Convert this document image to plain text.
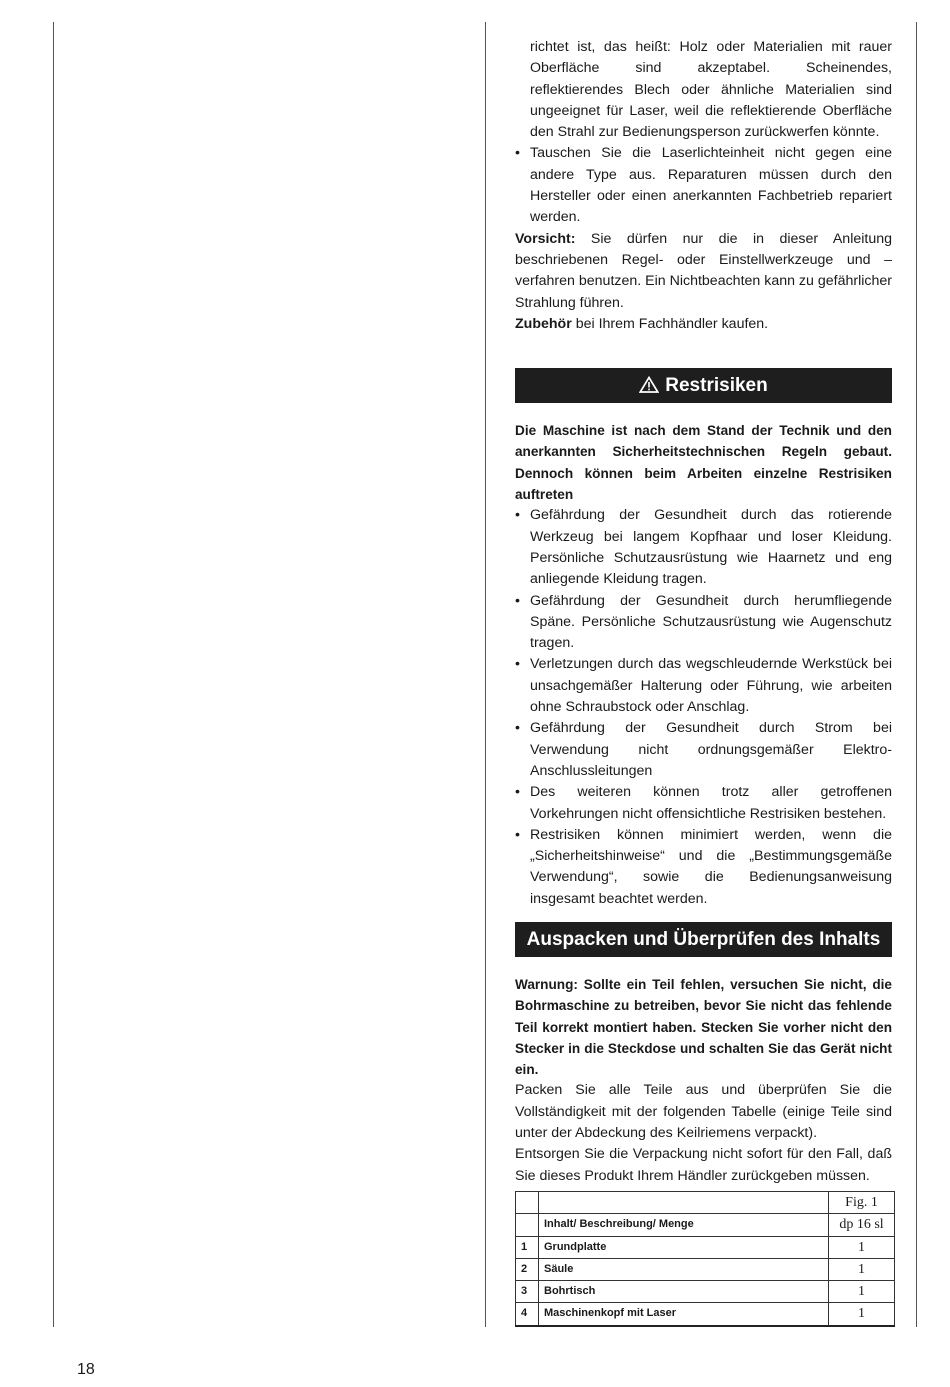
richtet ist, das heißt: Holz oder Materialien mit rauer Oberfläche sind akzeptabel. Scheinendes, reflektierendes Blech oder ähnliche Materialien sind ungeeignet für Laser, weil die reflektierende Oberfläche den Strahl zur Bedienungsperson zurückwerfen könnte.

• Tauschen Sie die Laserlichteinheit nicht gegen eine andere Type aus. Reparaturen müssen durch den Hersteller oder einen anerkannten Fachbetrieb repariert werden.

Vorsicht: Sie dürfen nur die in dieser Anleitung beschriebenen Regel- oder Einstellwerkzeuge und –verfahren benutzen. Ein Nichtbeachten kann zu gefährlicher Strahlung führen.

Zubehör bei Ihrem Fachhändler kaufen.

Restrisiken

Die Maschine ist nach dem Stand der Technik und den anerkannten Sicherheitstechnischen Regeln gebaut. Dennoch können beim Arbeiten einzelne Restrisiken auftreten

• Gefährdung der Gesundheit durch das rotierende Werkzeug bei langem Kopfhaar und loser Kleidung. Persönliche Schutzausrüstung wie Haarnetz und eng anliegende Kleidung tragen.
• Gefährdung der Gesundheit durch herumfliegende Späne. Persönliche Schutzausrüstung wie Augenschutz tragen.
• Verletzungen durch das wegschleudernde Werkstück bei unsachgemäßer Halterung oder Führung, wie arbeiten ohne Schraubstock oder Anschlag.
• Gefährdung der Gesundheit durch Strom bei Verwendung nicht ordnungsgemäßer Elektro-Anschlussleitungen
• Des weiteren können trotz aller getroffenen Vorkehrungen nicht offensichtliche Restrisiken bestehen.
• Restrisiken können minimiert werden, wenn die „Sicherheitshinweise“ und die „Bestimmungsgemäße Verwendung“, sowie die Bedienungsanweisung insgesamt beachtet werden.
Auspacken und Überprüfen des Inhalts

Warnung: Sollte ein Teil fehlen, versuchen Sie nicht, die Bohrmaschine zu betreiben, bevor Sie nicht das fehlende Teil korrekt montiert haben. Stecken Sie vorher nicht den Stecker in die Steckdose und schalten Sie das Gerät nicht ein.

Packen Sie alle Teile aus und überprüfen Sie die Vollständigkeit mit der folgenden Tabelle (einige Teile sind unter der Abdeckung des Keilriemens verpackt).

Entsorgen Sie die Verpackung nicht sofort für den Fall, daß Sie dieses Produkt Ihrem Händler zurückgeben müssen.

		Fig. 1
	Inhalt/ Beschreibung/ Menge	dp 16 sl
1	Grundplatte	1
2	Säule	1
3	Bohrtisch	1
4	Maschinenkopf mit Laser	1
18
